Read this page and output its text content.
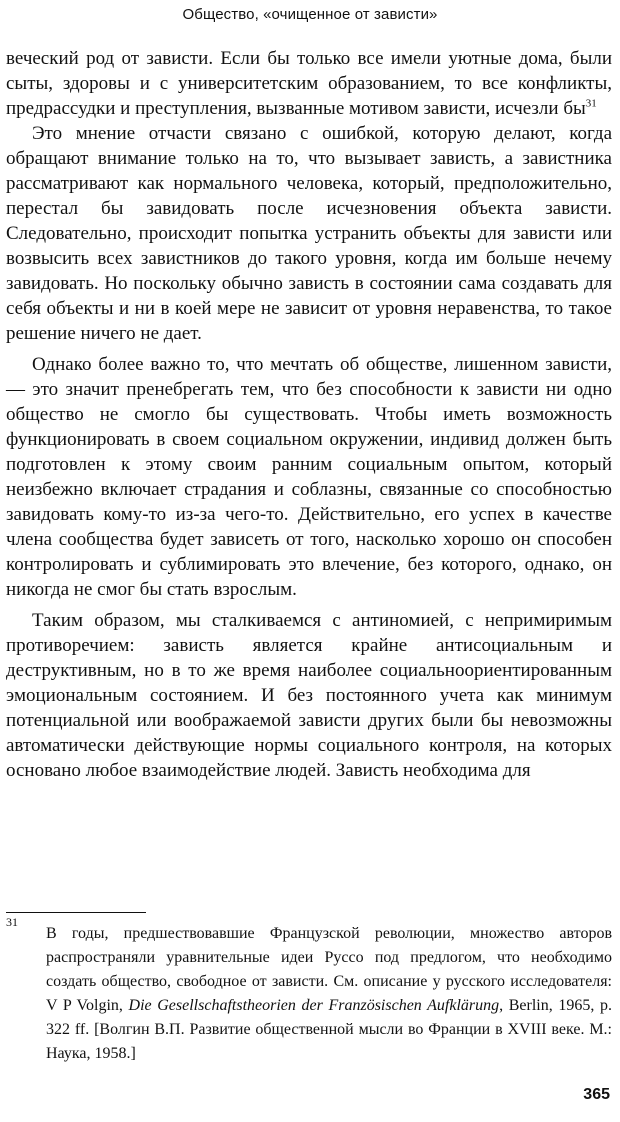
Общество, «очищенное от зависти»

вечеcкий род от зависти. Если бы только все имели уютные дома, были сыты, здоровы и с университетским образованием, то все конфликты, предрассудки и преступления, вызванные мотивом зависти, исчезли $бы^{31}$

Это мнение отчасти связано с ошибкой, которую делают, когда обращают внимание только на то, что вызывает зависть, а завистника рассматривают как нормального человека, который, предположительно, перестал бы завидовать после исчезновения объекта зависти. Следовательно, происходит попытка устранить объекты для зависти или возвысить всех завистников до такого уровня, когда им больше нечему завидовать. Но поскольку обычно зависть в состоянии сама создавать для себя объекты и ни в коей мере не зависит от уровня неравенства, то такое решение ничего не дает.

Однако более важно то, что мечтать об обществе, лишенном зависти, — это значит пренебрегать тем, что без способности к зависти ни одно общество не смогло бы существовать. Чтобы иметь возможность функционировать в своем социальном окружении, индивид должен быть подготовлен к этому своим ранним социальным опытом, который неизбежно включает страдания и соблазны, связанные со способностью завидовать кому-то из-за чего-то. Действительно, его успех в качестве члена сообщества будет зависеть от того, насколько хорошо он способен контролировать и сублимировать это влечение, без которого, однако, он никогда не смог бы стать взрослым.

Таким образом, мы сталкиваемся с антиномией, с непримиримым противоречием: зависть является крайне антисоциальным и деструктивным, но в то же время наиболее социальноориентированным эмоциональным состоянием. И без постоянного учета как минимум потенциальной или воображаемой зависти других были бы невозможны автоматически действующие нормы социального контроля, на которых основано любое взаимодействие людей. Зависть необходима для

31

В годы, предшествовавшие Французской революции, множество авторов распространяли уравнительные идеи Руссо под предлогом, что необходимо создать общество, свободное от зависти. См. описание у русского исследователя: V P Volgin, Die Gesellschaftstheorien der Französischen Aufklärung, Berlin, 1965, p. 322 ff. [Волгин В.П. Развитие общественной мысли во Франции в XVIII веке. М.: Наука, 1958.]

365
